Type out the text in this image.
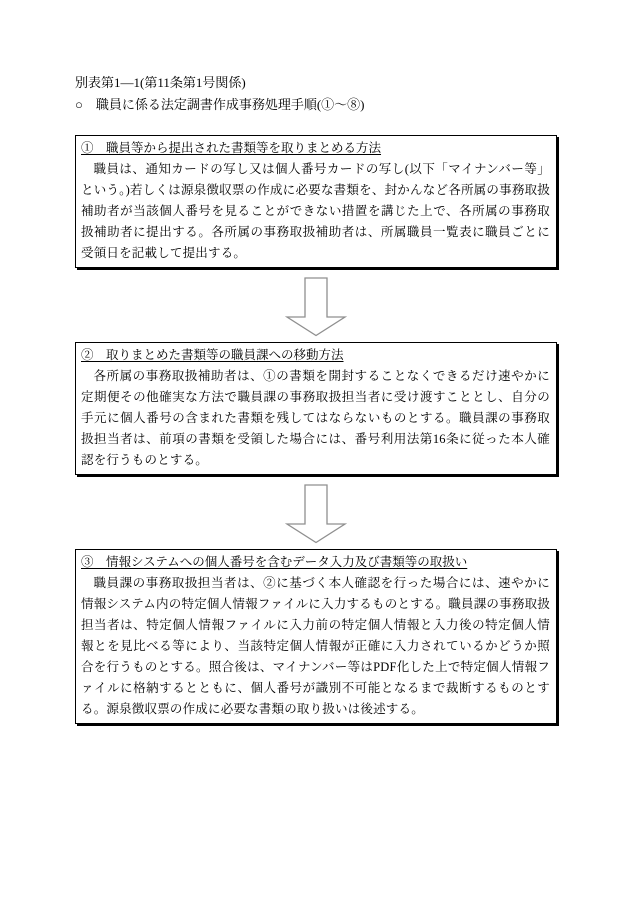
別表第1―1(第11条第1号関係)
○　職員に係る法定調書作成事務処理手順(①～⑧)
①　職員等から提出された書類等を取りまとめる方法

職員は、通知カードの写し又は個人番号カードの写し(以下「マイナンバー等」という。)若しくは源泉徴収票の作成に必要な書類を、封かんなど各所属の事務取扱補助者が当該個人番号を見ることができない措置を講じた上で、各所属の事務取扱補助者に提出する。各所属の事務取扱補助者は、所属職員一覧表に職員ごとに受領日を記載して提出する。

②　取りまとめた書類等の職員課への移動方法

各所属の事務取扱補助者は、①の書類を開封することなくできるだけ速やかに定期便その他確実な方法で職員課の事務取扱担当者に受け渡すこととし、自分の手元に個人番号の含まれた書類を残してはならないものとする。職員課の事務取扱担当者は、前項の書類を受領した場合には、番号利用法第16条に従った本人確認を行うものとする。

③　情報システムへの個人番号を含むデータ入力及び書類等の取扱い

職員課の事務取扱担当者は、②に基づく本人確認を行った場合には、速やかに情報システム内の特定個人情報ファイルに入力するものとする。職員課の事務取扱担当者は、特定個人情報ファイルに入力前の特定個人情報と入力後の特定個人情報とを見比べる等により、当該特定個人情報が正確に入力されているかどうか照合を行うものとする。照合後は、マイナンバー等はPDF化した上で特定個人情報ファイルに格納するとともに、個人番号が識別不可能となるまで裁断するものとする。源泉徴収票の作成に必要な書類の取り扱いは後述する。
